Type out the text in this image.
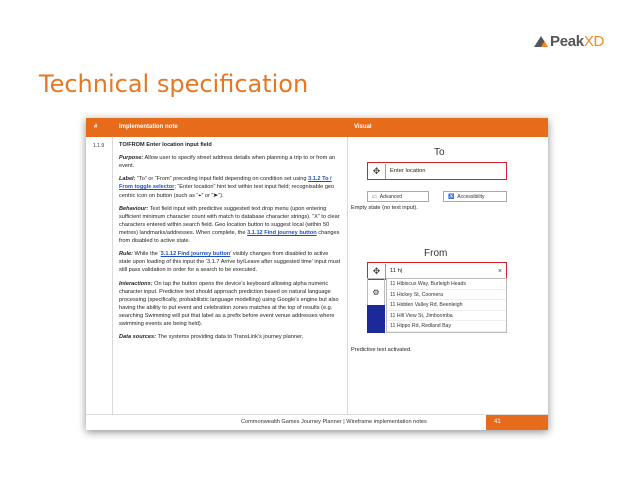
Peak XD
Technical specification
#	Implementation note	Visual
1.1.9	TO/FROM Enter location input field

Purpose: Allow user to specify street address details when planning a trip to or from an event.

Label: “To” or “From” preceding input field depending on condition set using 3.1.2 To / From toggle selector; “Enter location” hint text within text input field; recognisable geo centric icon on button (such as “⌖” or “➤”).

Behaviour: Text field input with predictive suggested text drop menu (upon entering sufficient minimum character count with match to database character strings). “X” to clear characters entered within search field. Geo location button to suggest local (within 50 metres) landmarks/addresses. When complete, the 3.1.12 Find journey button changes from disabled to active state.

Rule: While the ‘3.1.12 Find journey button’ visibly changes from disabled to active state upon loading of this input the ‘3.1.7 Arrive by/Leave after suggested time’ input must still pass validation in order for a search to be executed.

Interactions: On tap the button opens the device’s keyboard allowing alpha numeric character input. Predictive text should approach prediction based on natural language processing (specifically, probabilistic language modelling) using Google’s engine but also having the ability to put event and celebration zones matches at the top of results (e.g. searching Swimming will put that label as a prefix before event venue addresses where swimming events are being held).

Data sources: The systems providing data to TransLink’s journey planner,

To
✥ Enter location
▭ Advanced	♿ Accessibility
Empty state (no text input).
From
✥ 11 h|	×
⚙
11 Hibiscus Way, Burleigh Heads
11 Hickey St, Coomera
11 Hidden Valley Rd, Beenleigh
11 Hill View St, Jimboomba
11 Hippo Rd, Redland Bay
Predictive text activated.
Commonwealth Games Journey Planner | Wireframe implementation notes	41
